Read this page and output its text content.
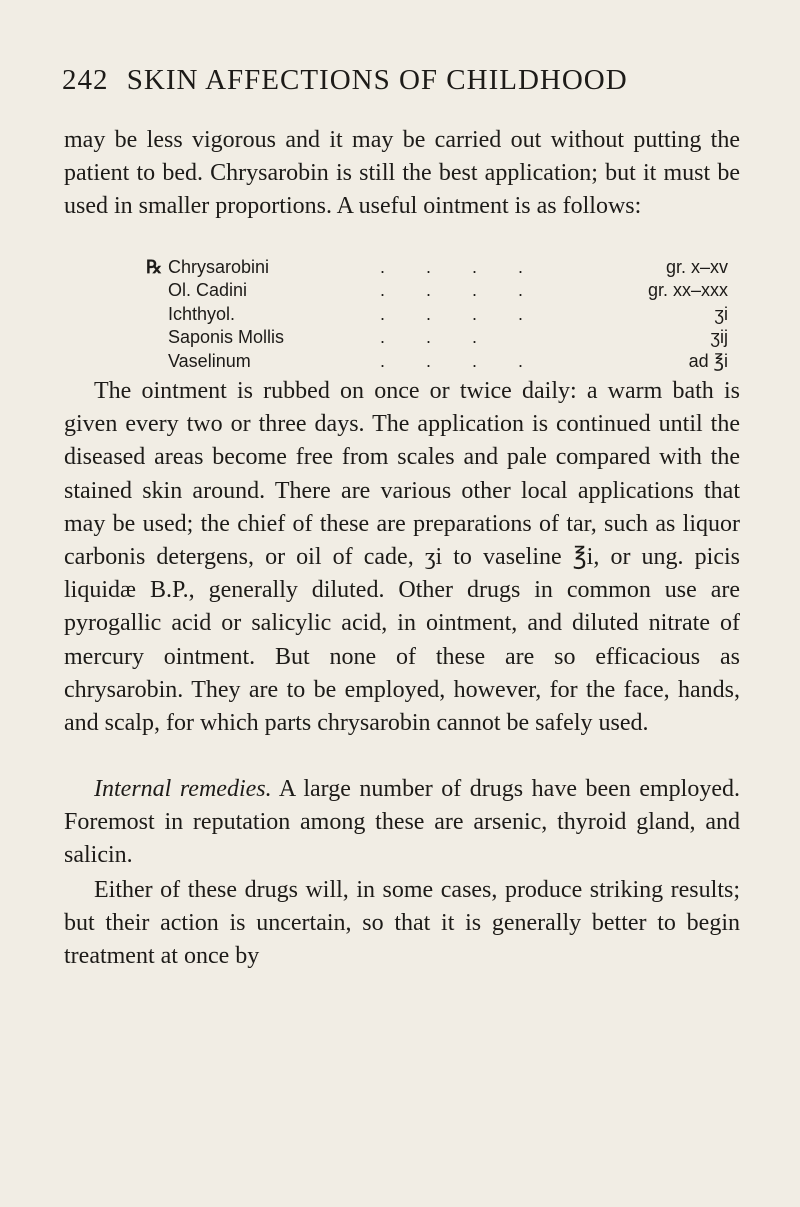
242 SKIN AFFECTIONS OF CHILDHOOD

may be less vigorous and it may be carried out without putting the patient to bed. Chrysarobin is still the best application; but it must be used in smaller proportions. A useful ointment is as follows:

℞ Chrysarobini	. . . .	gr. x–xv
Ol. Cadini	. . . .	gr. xx–xxx
Ichthyol.	. . . .	ʒi
Saponis Mollis	. . .	ʒij
Vaselinum	. . . .	ad ℥i

The ointment is rubbed on once or twice daily: a warm bath is given every two or three days. The application is continued until the diseased areas become free from scales and pale compared with the stained skin around. There are various other local applications that may be used; the chief of these are preparations of tar, such as liquor carbonis detergens, or oil of cade, ʒi to vaseline ℥i, or ung. picis liquidæ B.P., generally diluted. Other drugs in common use are pyrogallic acid or salicylic acid, in ointment, and diluted nitrate of mercury ointment. But none of these are so efficacious as chrysarobin. They are to be employed, however, for the face, hands, and scalp, for which parts chrysarobin cannot be safely used.

Internal remedies. A large number of drugs have been employed. Foremost in reputation among these are arsenic, thyroid gland, and salicin.

Either of these drugs will, in some cases, produce striking results; but their action is uncertain, so that it is generally better to begin treatment at once by
